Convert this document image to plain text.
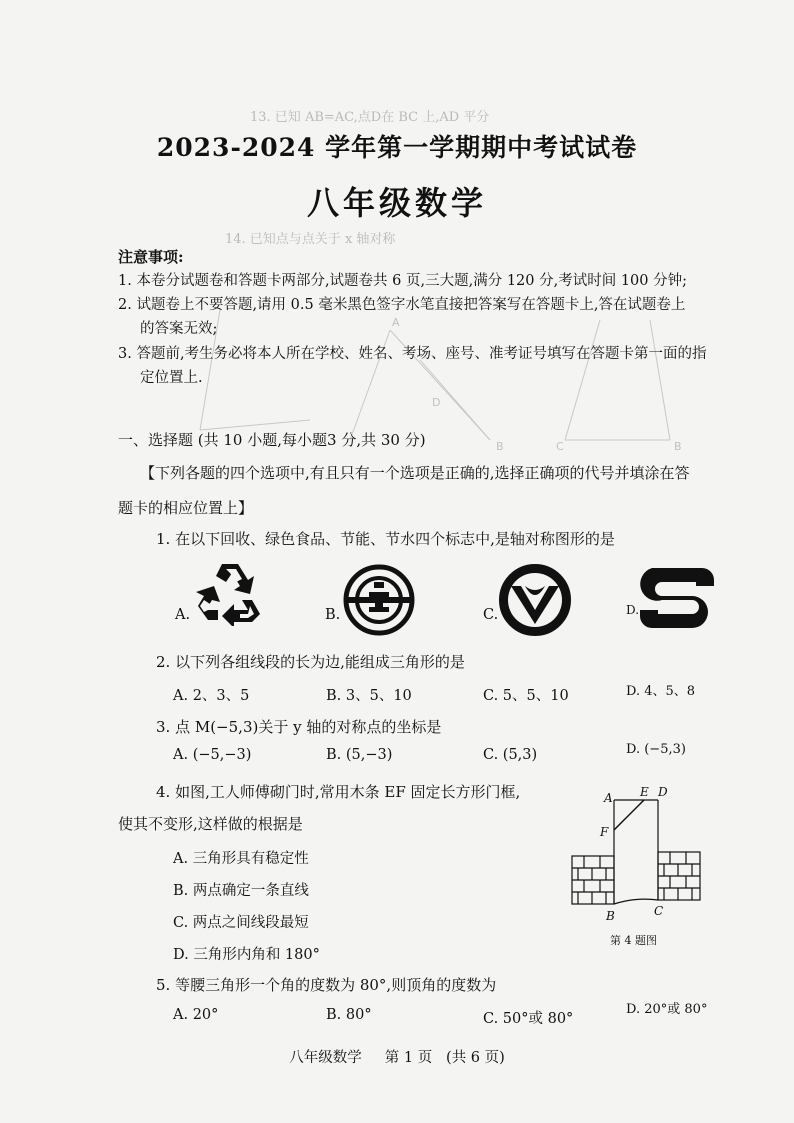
13. 已知 AB=AC,点D在 BC 上,AD 平分
14. 已知点与点关于 x 轴对称
A
D
B	C	B
2023-2024 学年第一学期期中考试试卷
八年级数学
注意事项:
1. 本卷分试题卷和答题卡两部分,试题卷共 6 页,三大题,满分 120 分,考试时间 100 分钟;
2. 试题卷上不要答题,请用 0.5 毫米黑色签字水笔直接把答案写在答题卡上,答在试题卷上
的答案无效;
3. 答题前,考生务必将本人所在学校、姓名、考场、座号、准考证号填写在答题卡第一面的指
定位置上.
一、选择题 (共 10 小题,每小题3 分,共 30 分)
【下列各题的四个选项中,有且只有一个选项是正确的,选择正确项的代号并填涂在答
题卡的相应位置上】
1. 在以下回收、绿色食品、节能、节水四个标志中,是轴对称图形的是
A.	B.	C.	D.
2. 以下列各组线段的长为边,能组成三角形的是
A. 2、3、5	B. 3、5、10	C. 5、5、10	D. 4、5、8
3. 点 M(−5,3)关于 y 轴的对称点的坐标是
A. (−5,−3)	B. (5,−3)	C. (5,3)	D. (−5,3)
4. 如图,工人师傅砌门时,常用木条 EF 固定长方形门框,
使其不变形,这样做的根据是
A. 三角形具有稳定性
B. 两点确定一条直线
C. 两点之间线段最短
D. 三角形内角和 180°
A E D
F
B	C
第 4 题图
5. 等腰三角形一个角的度数为 80°,则顶角的度数为
A. 20°	B. 80°	C. 50°或 80°
D. 20°或 80°
八年级数学 第 1 页 (共 6 页)
